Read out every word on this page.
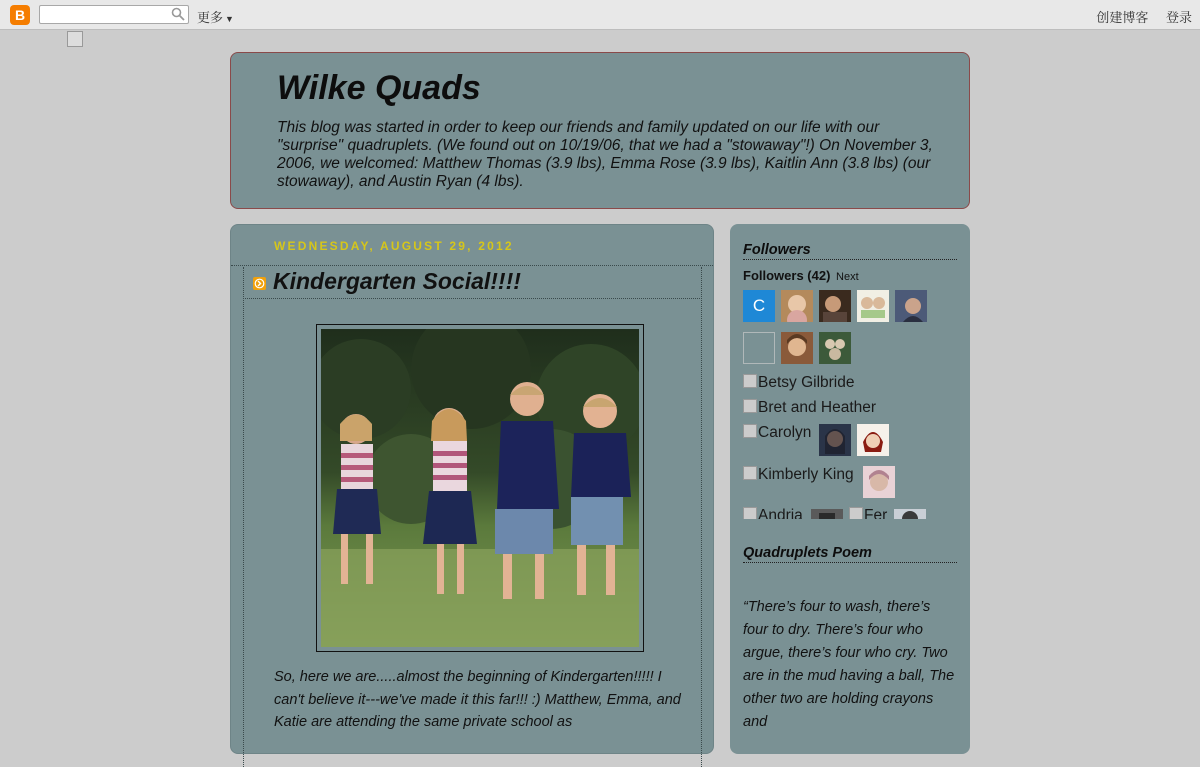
B	更多 ▼	创建博客 登录
Wilke Quads

This blog was started in order to keep our friends and family updated on our life with our "surprise" quadruplets. (We found out on 10/19/06, that we had a "stowaway"!) On November 3, 2006, we welcomed: Matthew Thomas (3.9 lbs), Emma Rose (3.9 lbs), Kaitlin Ann (3.8 lbs) (our stowaway), and Austin Ryan (4 lbs).

WEDNESDAY, AUGUST 29, 2012
Kindergarten Social!!!!

So, here we are.....almost the beginning of Kindergarten!!!!! I can't believe it---we've made it this far!!! :) Matthew, Emma, and Katie are attending the same private school as

Followers
Followers (42) Next
C
Betsy Gilbride
Bret and Heather
Carolyn
Kimberly King
Andria	Fer
Quadruplets Poem

“There’s four to wash, there’s four to dry. There’s four who argue, there’s four who cry. Two are in the mud having a ball, The other two are holding crayons and
